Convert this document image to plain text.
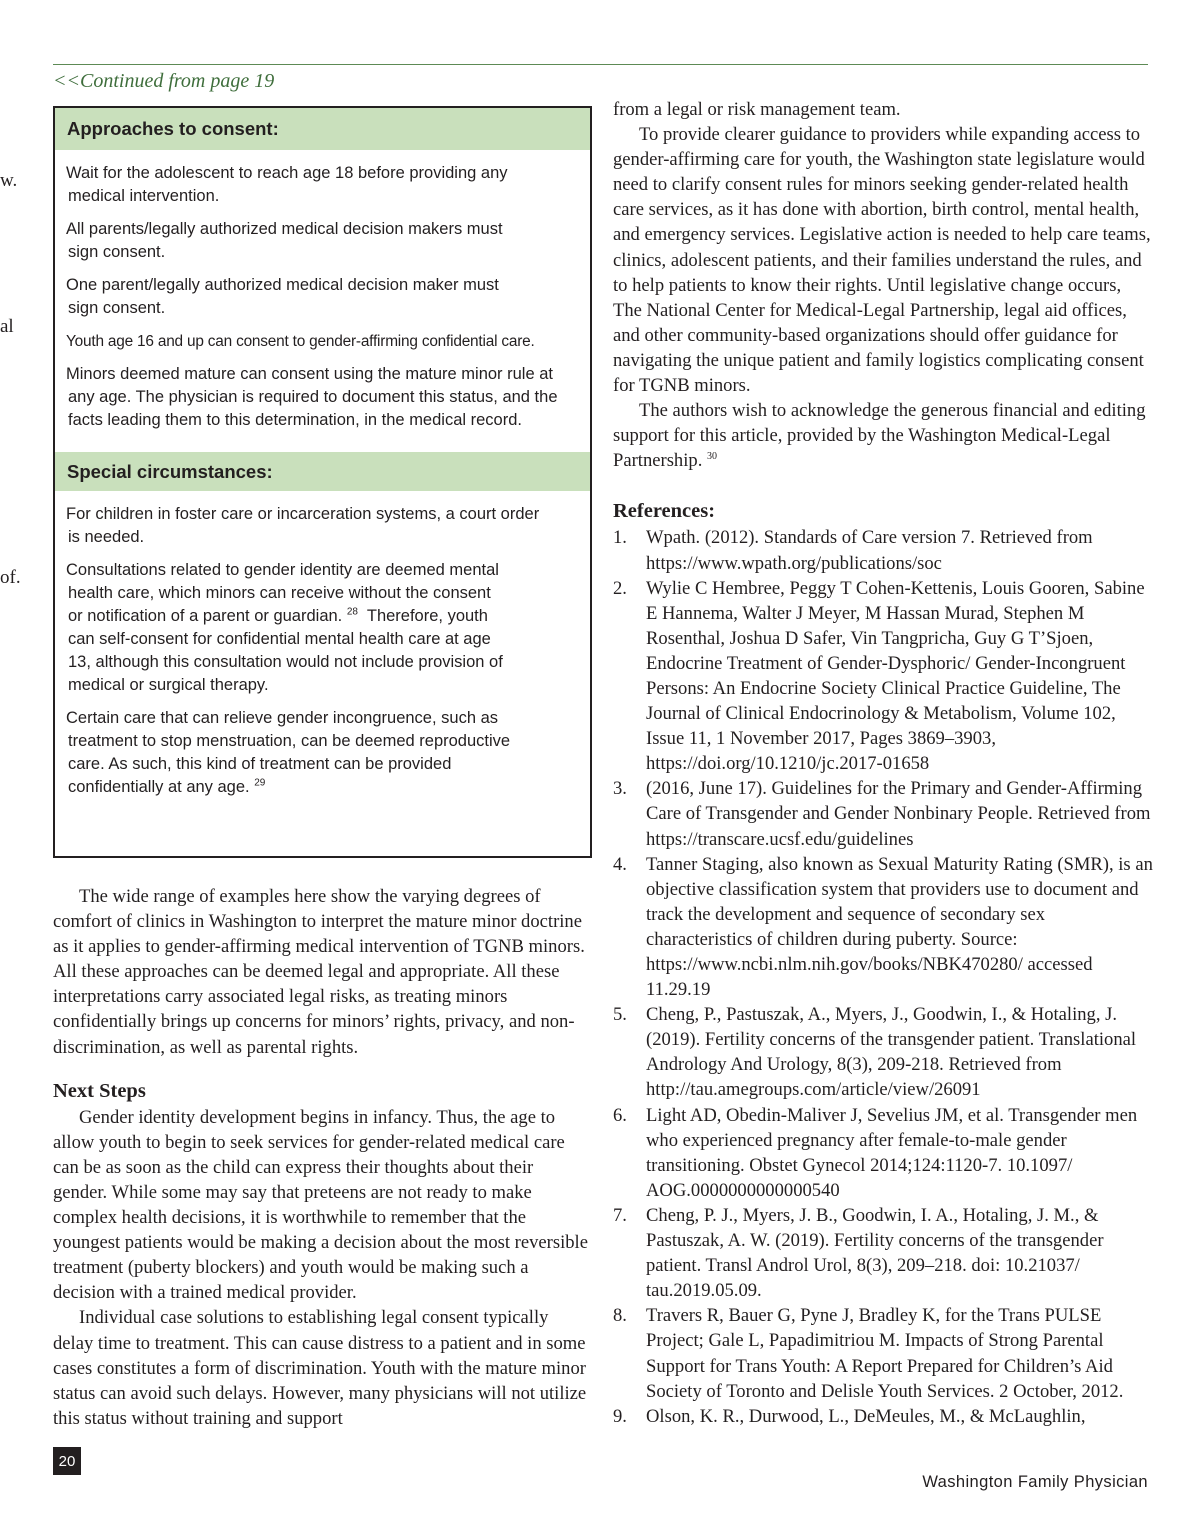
w.
al
of.
<<Continued from page 19
Approaches to consent:
Wait for the adolescent to reach age 18 before providing any
medical intervention.
All parents/legally authorized medical decision makers must
sign consent.
One parent/legally authorized medical decision maker must
sign consent.
Youth age 16 and up can consent to gender-affirming confidential care.
Minors deemed mature can consent using the mature minor rule at
any age. The physician is required to document this status, and the
facts leading them to this determination, in the medical record.
Special circumstances:
For children in foster care or incarceration systems, a court order
is needed.
Consultations related to gender identity are deemed mental
health care, which minors can receive without the consent
or notification of a parent or guardian. $^{28}$ Therefore, youth
can self-consent for confidential mental health care at age
13, although this consultation would not include provision of
medical or surgical therapy.
Certain care that can relieve gender incongruence, such as
treatment to stop menstruation, can be deemed reproductive
care. As such, this kind of treatment can be provided
confidentially at any age. $^{29}$

The wide range of examples here show the varying degrees of comfort of clinics in Washington to interpret the mature minor doctrine as it applies to gender-affirming medical intervention of TGNB minors. All these approaches can be deemed legal and appropriate. All these interpretations carry associated legal risks, as treating minors confidentially brings up concerns for minors’ rights, privacy, and non-discrimination, as well as parental rights.

Next Steps

Gender identity development begins in infancy. Thus, the age to allow youth to begin to seek services for gender-related medical care can be as soon as the child can express their thoughts about their gender. While some may say that preteens are not ready to make complex health decisions, it is worthwhile to remember that the youngest patients would be making a decision about the most reversible treatment (puberty blockers) and youth would be making such a decision with a trained medical provider.

Individual case solutions to establishing legal consent typically delay time to treatment. This can cause distress to a patient and in some cases constitutes a form of discrimination. Youth with the mature minor status can avoid such delays. However, many physicians will not utilize this status without training and support

from a legal or risk management team.

To provide clearer guidance to providers while expanding access to gender-affirming care for youth, the Washington state legislature would need to clarify consent rules for minors seeking gender-related health care services, as it has done with abortion, birth control, mental health, and emergency services. Legislative action is needed to help care teams, clinics, adolescent patients, and their families understand the rules, and to help patients to know their rights. Until legislative change occurs, The National Center for Medical-Legal Partnership, legal aid offices, and other community-based organizations should offer guidance for navigating the unique patient and family logistics complicating consent for TGNB minors.

The authors wish to acknowledge the generous financial and editing support for this article, provided by the Washington Medical-Legal Partnership. $^{30}$

References:
1.	Wpath. (2012). Standards of Care version 7. Retrieved from https://www.wpath.org/publications/soc
2.	Wylie C Hembree, Peggy T Cohen-Kettenis, Louis Gooren, Sabine E Hannema, Walter J Meyer, M Hassan Murad, Stephen M Rosenthal, Joshua D Safer, Vin Tangpricha, Guy G T’Sjoen, Endocrine Treatment of Gender-Dysphoric/ Gender-Incongruent Persons: An Endocrine Society Clinical Practice Guideline, The Journal of Clinical Endocrinology & Metabolism, Volume 102, Issue 11, 1 November 2017, Pages 3869–3903, https://doi.org/10.1210/jc.2017-01658
3.	(2016, June 17). Guidelines for the Primary and Gender-Affirming Care of Transgender and Gender Nonbinary People. Retrieved from https://transcare.ucsf.edu/guidelines
4.	Tanner Staging, also known as Sexual Maturity Rating (SMR), is an objective classification system that providers use to document and track the development and sequence of secondary sex characteristics of children during puberty. Source: https://www.ncbi.nlm.nih.gov/books/NBK470280/ accessed 11.29.19
5.	Cheng, P., Pastuszak, A., Myers, J., Goodwin, I., & Hotaling, J. (2019). Fertility concerns of the transgender patient. Translational Andrology And Urology, 8(3), 209-218. Retrieved from http://tau.amegroups.com/article/view/26091
6.	Light AD, Obedin-Maliver J, Sevelius JM, et al. Transgender men who experienced pregnancy after female-to-male gender transitioning. Obstet Gynecol 2014;124:1120-7. 10.1097/ AOG.0000000000000540
7.	Cheng, P. J., Myers, J. B., Goodwin, I. A., Hotaling, J. M., & Pastuszak, A. W. (2019). Fertility concerns of the transgender patient. Transl Androl Urol, 8(3), 209–218. doi: 10.21037/ tau.2019.05.09.
8.	Travers R, Bauer G, Pyne J, Bradley K, for the Trans PULSE Project; Gale L, Papadimitriou M. Impacts of Strong Parental Support for Trans Youth: A Report Prepared for Children’s Aid Society of Toronto and Delisle Youth Services. 2 October, 2012.
9.	Olson, K. R., Durwood, L., DeMeules, M., & McLaughlin,
20
Washington Family Physician
